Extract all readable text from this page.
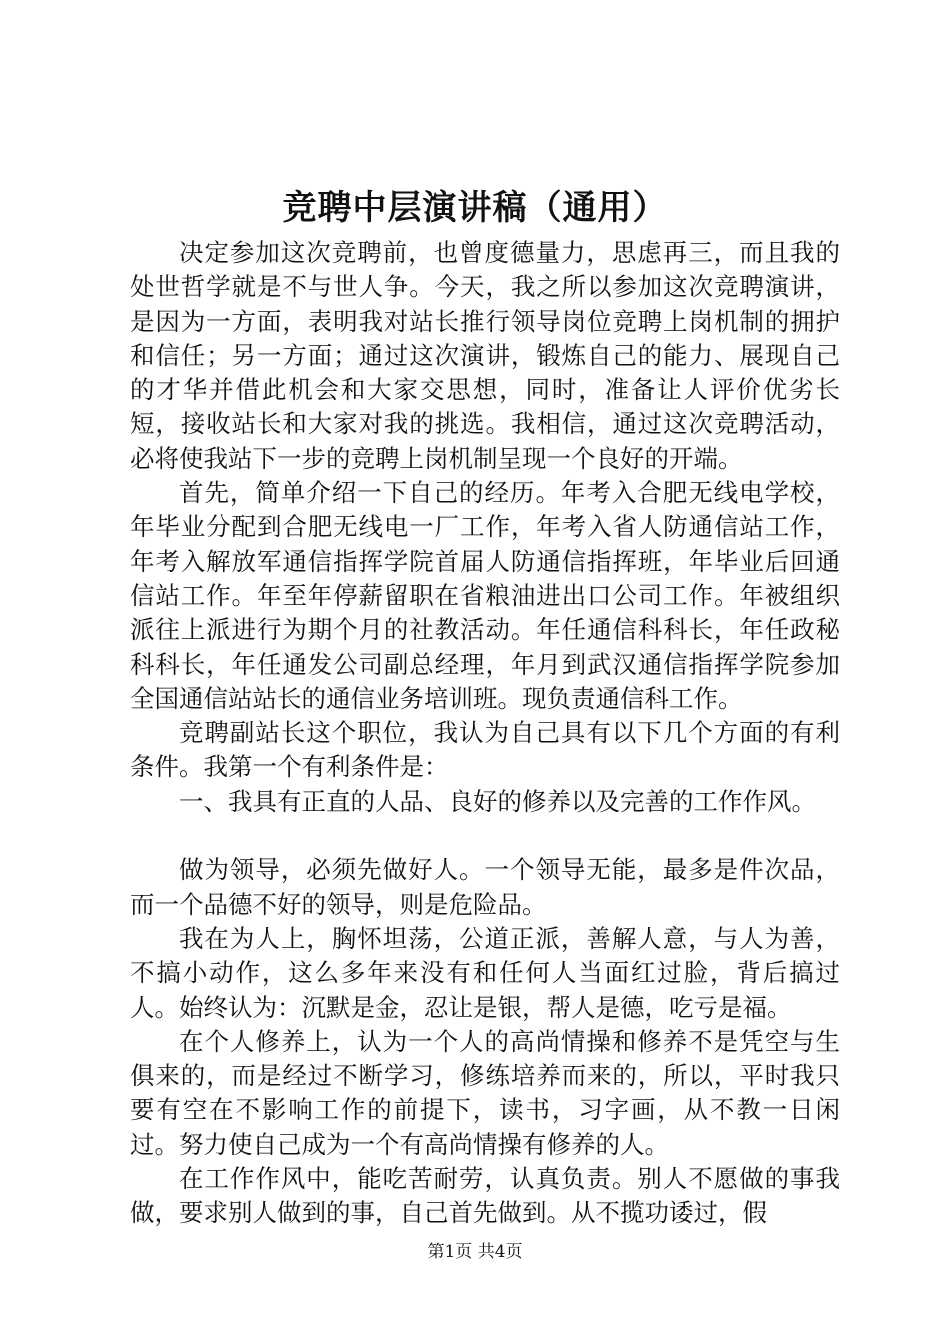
竞聘中层演讲稿（通用）

决定参加这次竞聘前，也曾度德量力，思虑再三，而且我的处世哲学就是不与世人争。今天，我之所以参加这次竞聘演讲，是因为一方面，表明我对站长推行领导岗位竞聘上岗机制的拥护和信任；另一方面；通过这次演讲，锻炼自己的能力、展现自己的才华并借此机会和大家交思想，同时，准备让人评价优劣长短，接收站长和大家对我的挑选。我相信，通过这次竞聘活动，必将使我站下一步的竞聘上岗机制呈现一个良好的开端。

首先，简单介绍一下自己的经历。年考入合肥无线电学校，年毕业分配到合肥无线电一厂工作，年考入省人防通信站工作，年考入解放军通信指挥学院首届人防通信指挥班，年毕业后回通信站工作。年至年停薪留职在省粮油进出口公司工作。年被组织派往上派进行为期个月的社教活动。年任通信科科长，年任政秘科科长，年任通发公司副总经理，年月到武汉通信指挥学院参加全国通信站站长的通信业务培训班。现负责通信科工作。

竞聘副站长这个职位，我认为自己具有以下几个方面的有利条件。我第一个有利条件是：

一、我具有正直的人品、良好的修养以及完善的工作作风。

做为领导，必须先做好人。一个领导无能，最多是件次品，而一个品德不好的领导，则是危险品。

我在为人上，胸怀坦荡，公道正派，善解人意，与人为善，不搞小动作，这么多年来没有和任何人当面红过脸，背后搞过人。始终认为：沉默是金，忍让是银，帮人是德，吃亏是福。

在个人修养上，认为一个人的高尚情操和修养不是凭空与生俱来的，而是经过不断学习，修练培养而来的，所以，平时我只要有空在不影响工作的前提下，读书，习字画，从不教一日闲过。努力使自己成为一个有高尚情操有修养的人。

在工作作风中，能吃苦耐劳，认真负责。别人不愿做的事我做，要求别人做到的事，自己首先做到。从不揽功诿过，假

第1页 共4页
